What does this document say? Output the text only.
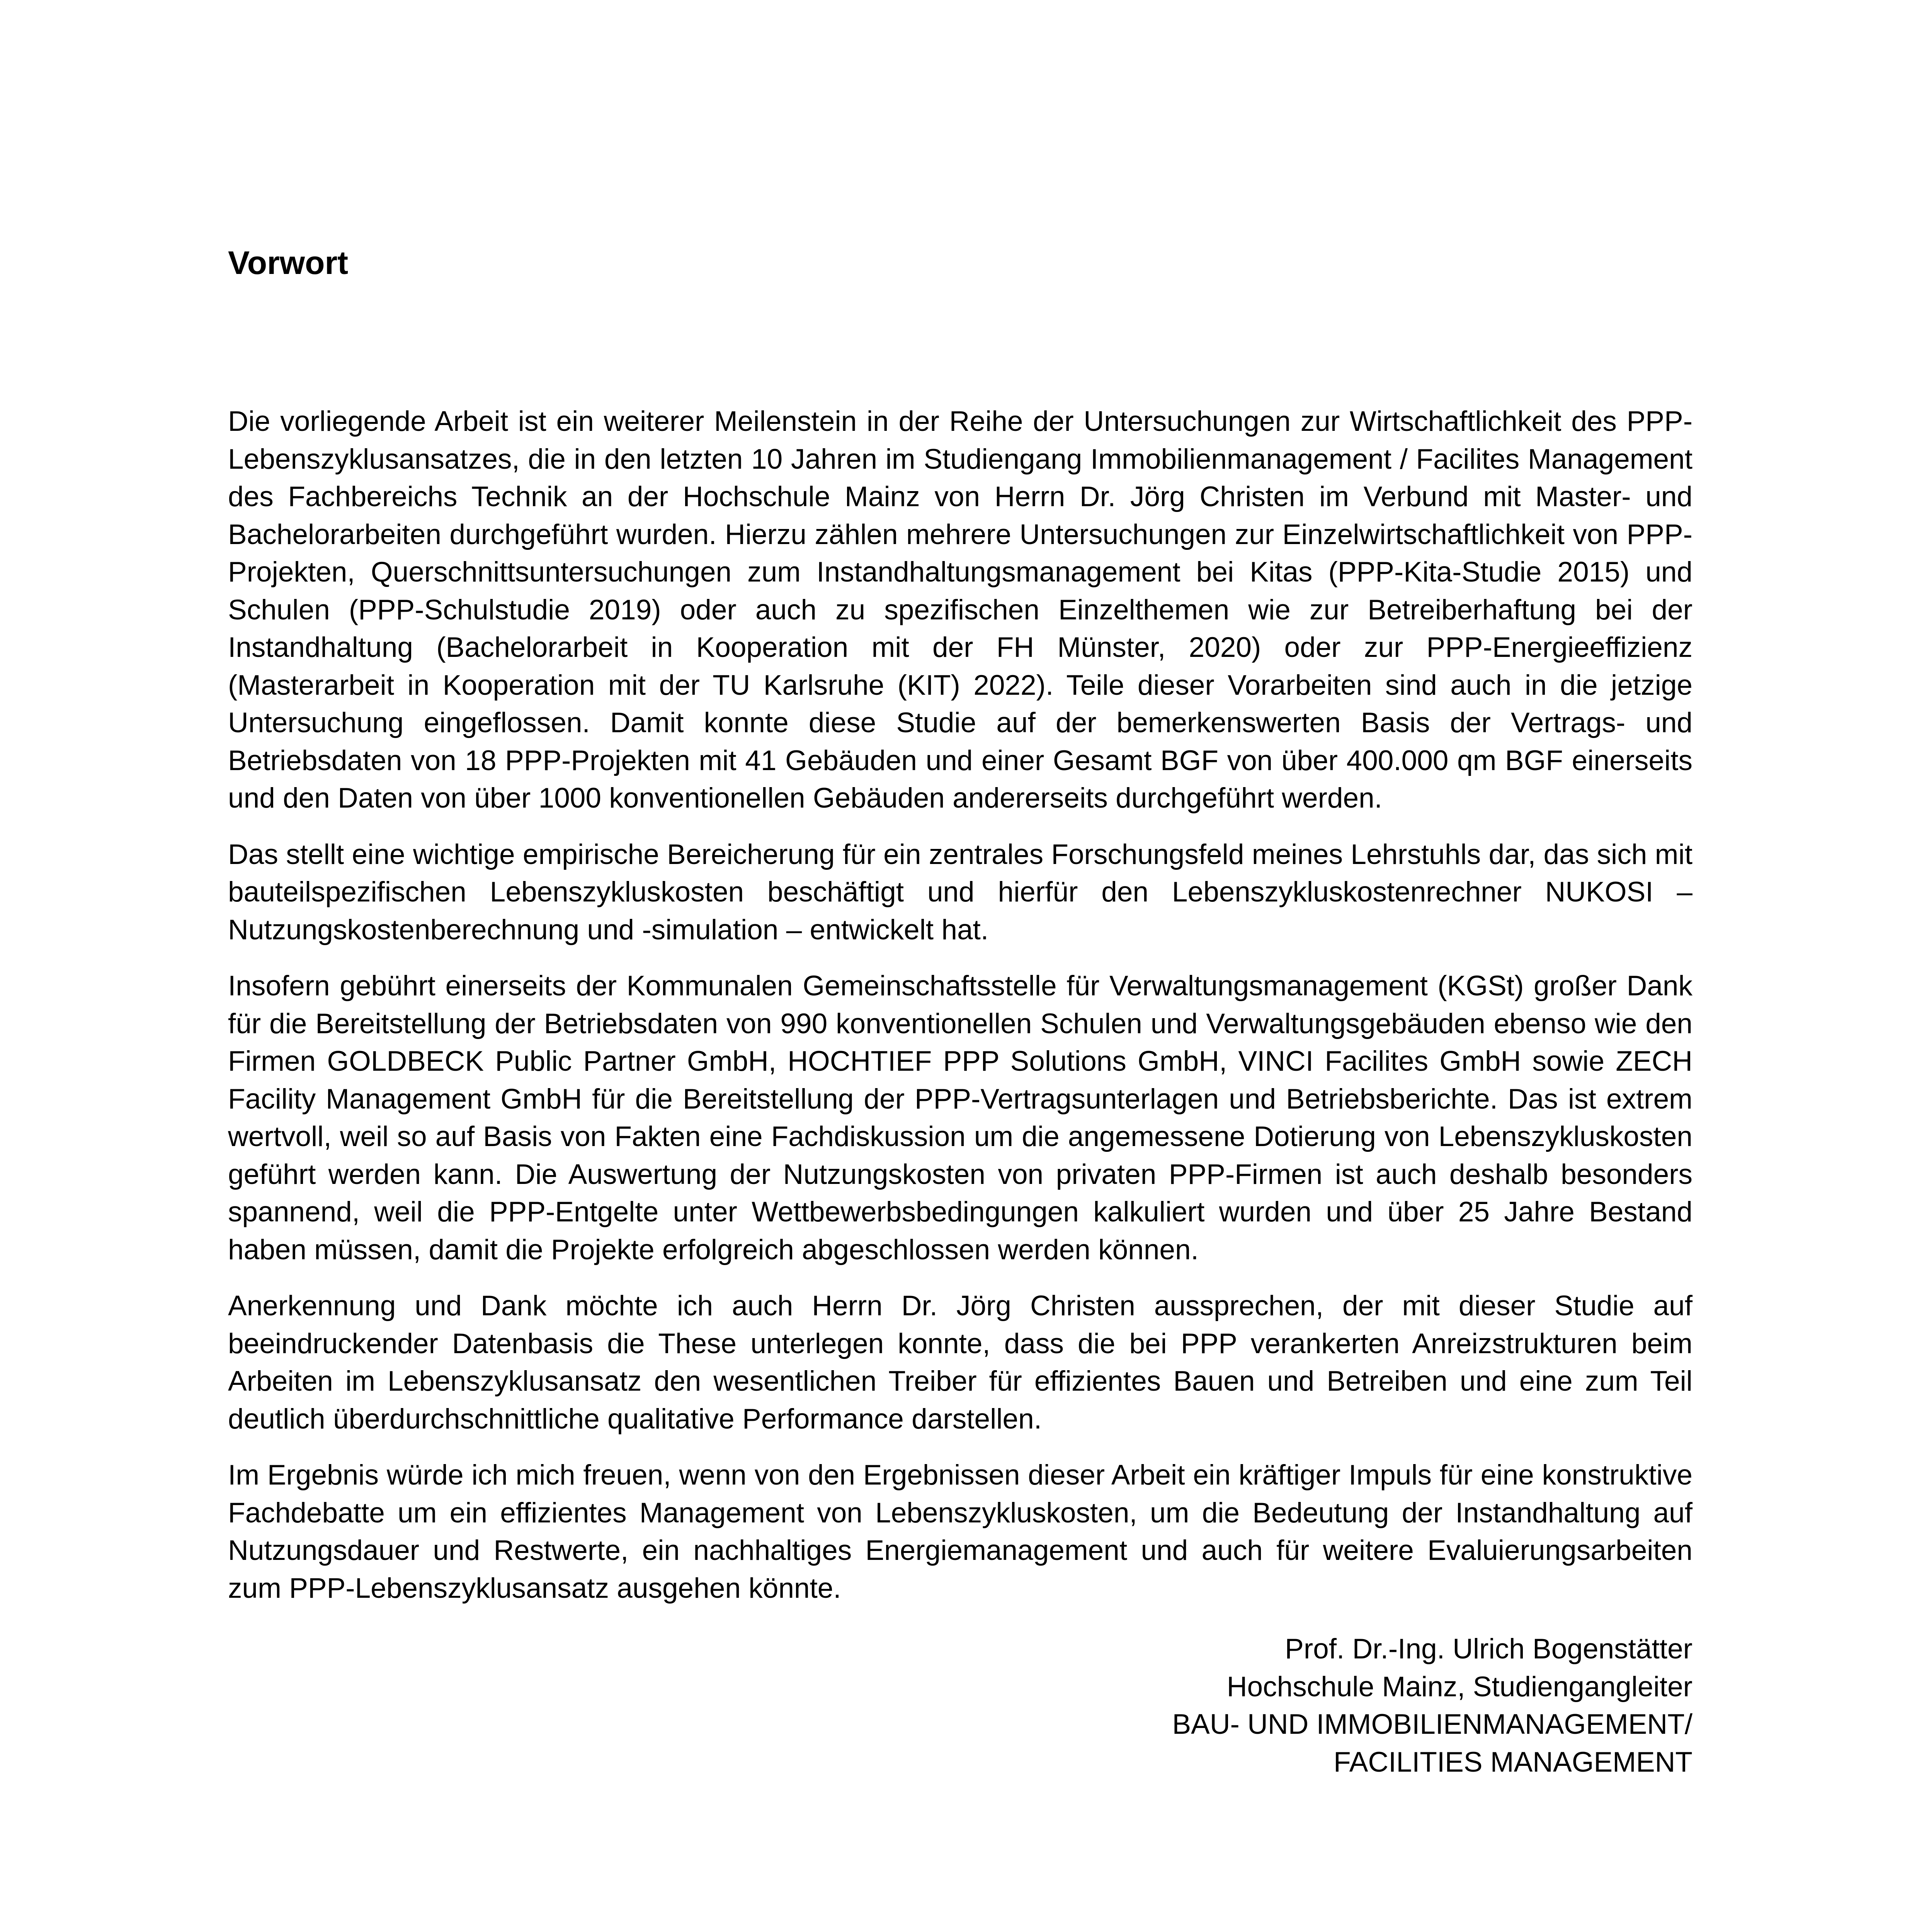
Vorwort

Die vorliegende Arbeit ist ein weiterer Meilenstein in der Reihe der Untersuchungen zur Wirtschaftlichkeit des PPP-Lebenszyklusansatzes, die in den letzten 10 Jahren im Studiengang Immobilienmanagement / Facilites Management des Fachbereichs Technik an der Hochschule Mainz von Herrn Dr. Jörg Christen im Verbund mit Master- und Bachelorarbeiten durchgeführt wurden. Hierzu zählen mehrere Untersuchungen zur Einzelwirtschaftlichkeit von PPP-Projekten, Querschnittsuntersuchungen zum Instandhaltungsmanagement bei Kitas (PPP-Kita-Studie 2015) und Schulen (PPP-Schulstudie 2019) oder auch zu spezifischen Einzelthemen wie zur Betreiberhaftung bei der Instandhaltung (Bachelorarbeit in Kooperation mit der FH Münster, 2020) oder zur PPP-Energieeffizienz (Masterarbeit in Kooperation mit der TU Karlsruhe (KIT) 2022). Teile dieser Vorarbeiten sind auch in die jetzige Untersuchung eingeflossen. Damit konnte diese Studie auf der bemerkenswerten Basis der Vertrags- und Betriebsdaten von 18 PPP-Projekten mit 41 Gebäuden und einer Gesamt BGF von über 400.000 qm BGF einerseits und den Daten von über 1000 konventionellen Gebäuden andererseits durchgeführt werden.

Das stellt eine wichtige empirische Bereicherung für ein zentrales Forschungsfeld meines Lehrstuhls dar, das sich mit bauteilspezifischen Lebenszykluskosten beschäftigt und hierfür den Lebenszykluskostenrechner NUKOSI – Nutzungskostenberechnung und -simulation – entwickelt hat.

Insofern gebührt einerseits der Kommunalen Gemeinschaftsstelle für Verwaltungsmanagement (KGSt) großer Dank für die Bereitstellung der Betriebsdaten von 990 konventionellen Schulen und Verwaltungsgebäuden ebenso wie den Firmen GOLDBECK Public Partner GmbH, HOCHTIEF PPP Solutions GmbH, VINCI Facilites GmbH sowie ZECH Facility Management GmbH für die Bereitstellung der PPP-Vertragsunterlagen und Betriebsberichte. Das ist extrem wertvoll, weil so auf Basis von Fakten eine Fachdiskussion um die angemessene Dotierung von Lebenszykluskosten geführt werden kann. Die Auswertung der Nutzungskosten von privaten PPP-Firmen ist auch deshalb besonders spannend, weil die PPP-Entgelte unter Wettbewerbsbedingungen kalkuliert wurden und über 25 Jahre Bestand haben müssen, damit die Projekte erfolgreich abgeschlossen werden können.

Anerkennung und Dank möchte ich auch Herrn Dr. Jörg Christen aussprechen, der mit dieser Studie auf beeindruckender Datenbasis die These unterlegen konnte, dass die bei PPP verankerten Anreizstrukturen beim Arbeiten im Lebenszyklusansatz den wesentlichen Treiber für effizientes Bauen und Betreiben und eine zum Teil deutlich überdurchschnittliche qualitative Performance darstellen.

Im Ergebnis würde ich mich freuen, wenn von den Ergebnissen dieser Arbeit ein kräftiger Impuls für eine konstruktive Fachdebatte um ein effizientes Management von Lebenszykluskosten, um die Bedeutung der Instandhaltung auf Nutzungsdauer und Restwerte, ein nachhaltiges Energiemanagement und auch für weitere Evaluierungsarbeiten zum PPP-Lebenszyklusansatz ausgehen könnte.

Prof. Dr.-Ing. Ulrich Bogenstätter
Hochschule Mainz, Studiengangleiter
BAU- UND IMMOBILIENMANAGEMENT/
FACILITIES MANAGEMENT
